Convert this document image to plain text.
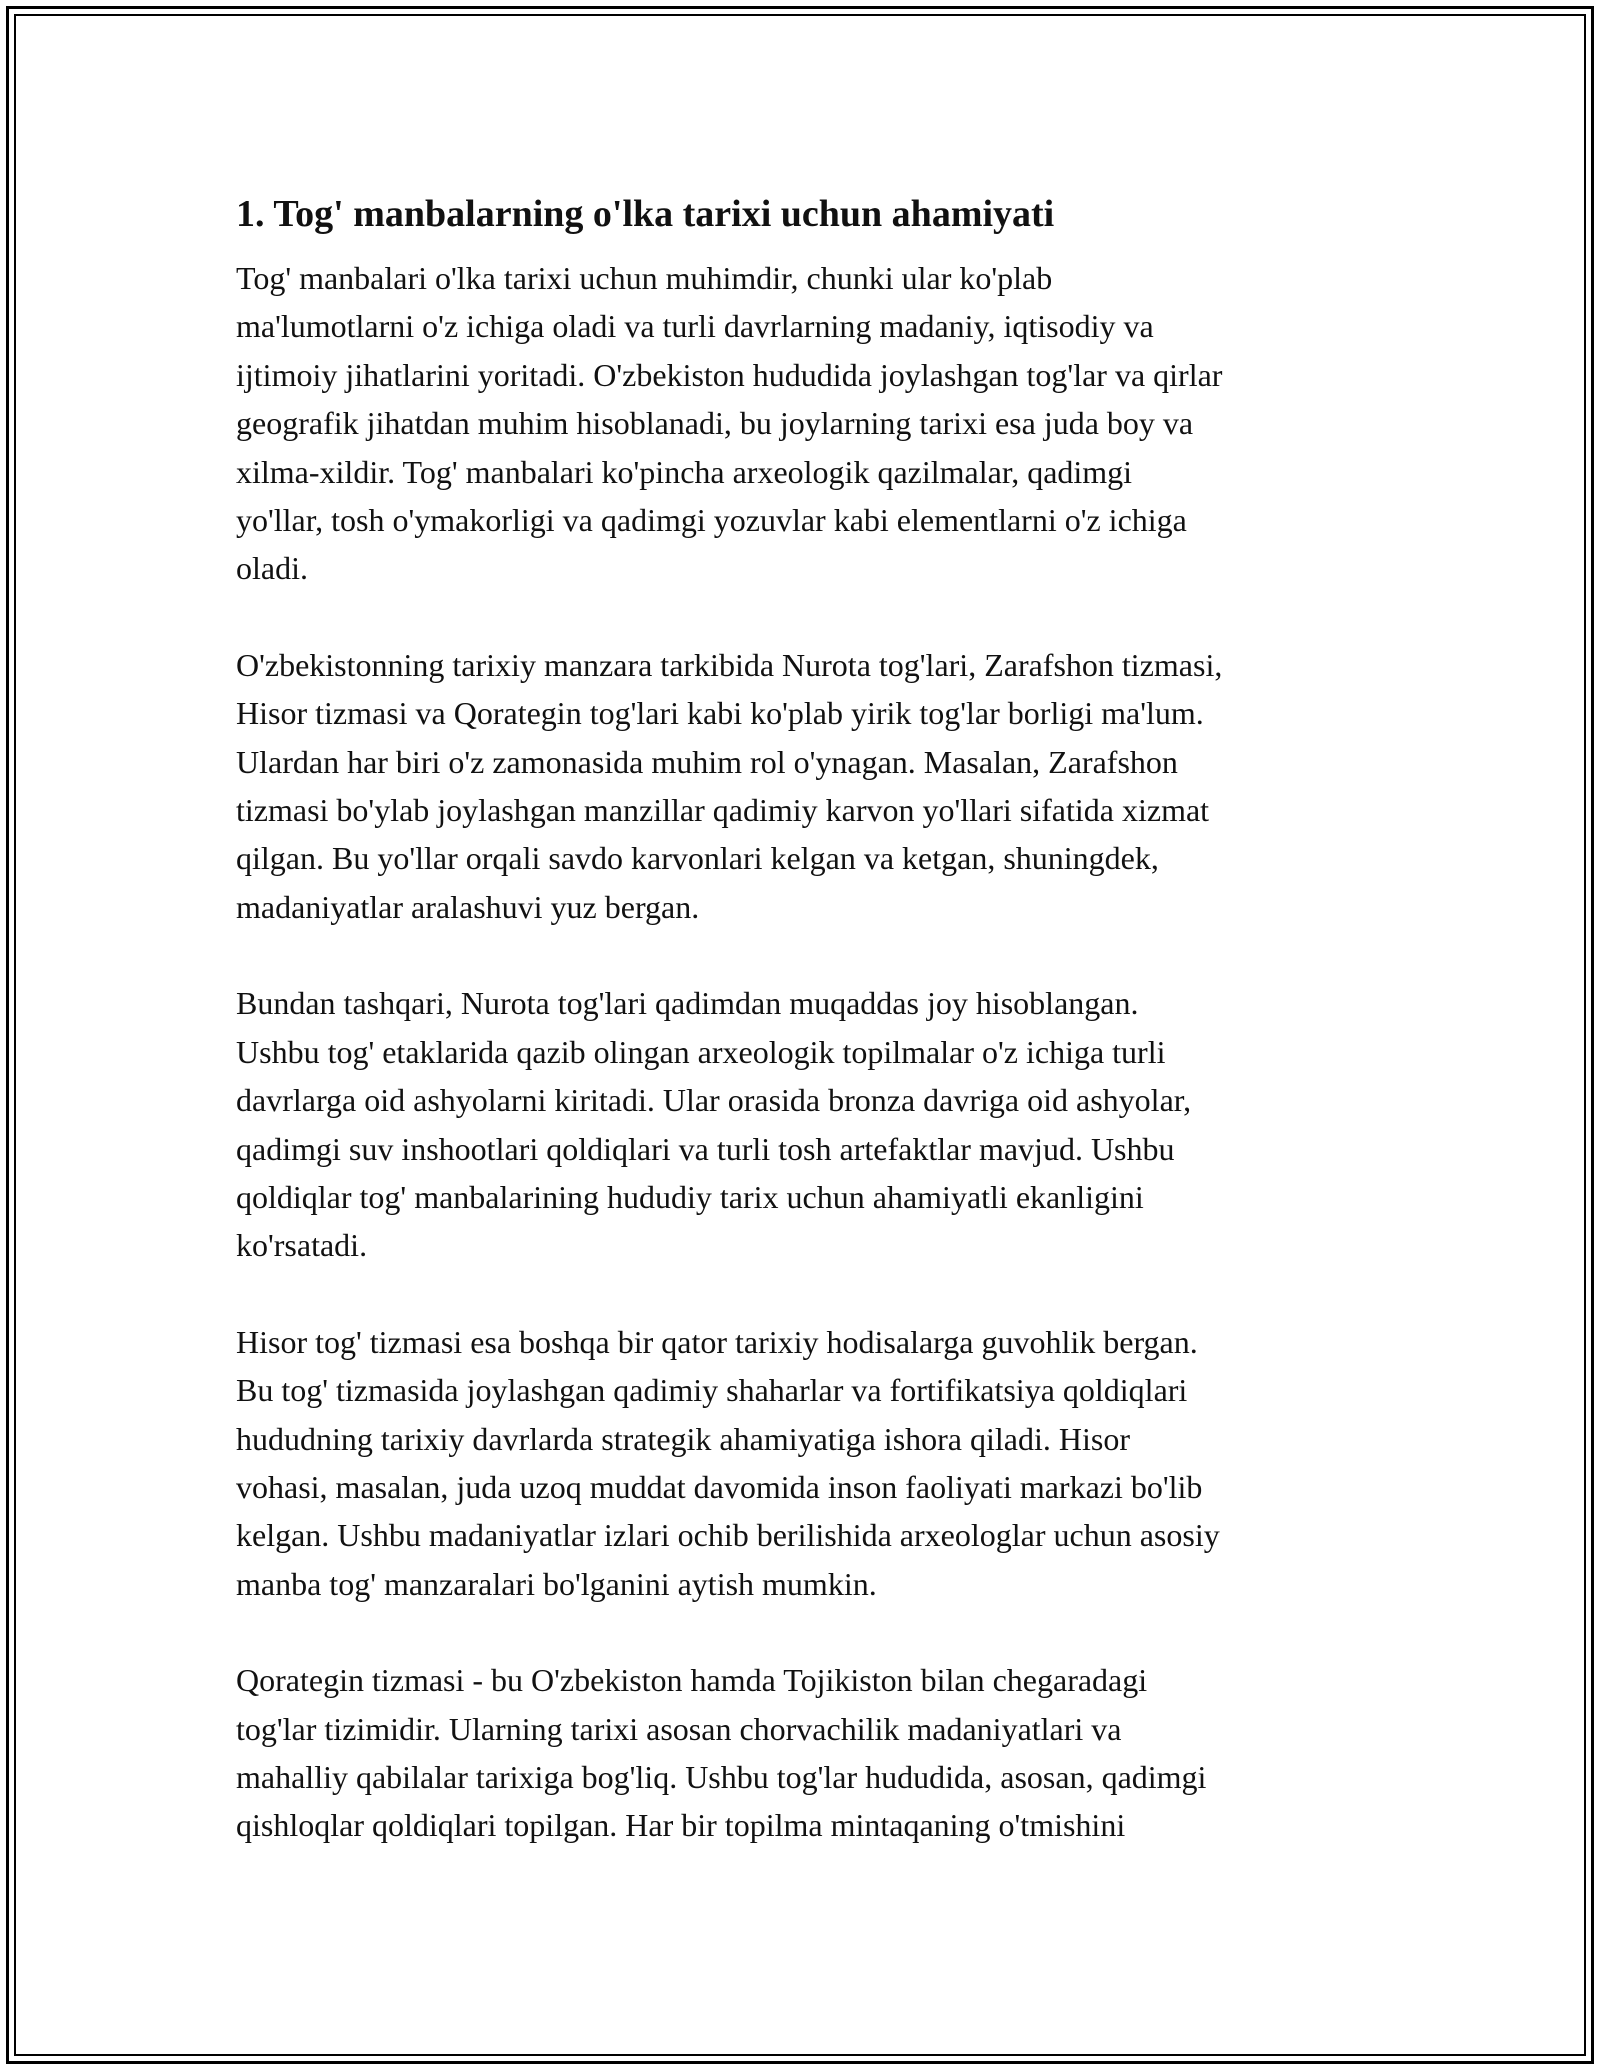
1. Tog' manbalarning o'lka tarixi uchun ahamiyati

Tog' manbalari o'lka tarixi uchun muhimdir, chunki ular ko'plab
ma'lumotlarni o'z ichiga oladi va turli davrlarning madaniy, iqtisodiy va
ijtimoiy jihatlarini yoritadi. O'zbekiston hududida joylashgan tog'lar va qirlar
geografik jihatdan muhim hisoblanadi, bu joylarning tarixi esa juda boy va
xilma-xildir. Tog' manbalari ko'pincha arxeologik qazilmalar, qadimgi
yo'llar, tosh o'ymakorligi va qadimgi yozuvlar kabi elementlarni o'z ichiga
oladi.

O'zbekistonning tarixiy manzara tarkibida Nurota tog'lari, Zarafshon tizmasi,
Hisor tizmasi va Qorategin tog'lari kabi ko'plab yirik tog'lar borligi ma'lum.
Ulardan har biri o'z zamonasida muhim rol o'ynagan. Masalan, Zarafshon
tizmasi bo'ylab joylashgan manzillar qadimiy karvon yo'llari sifatida xizmat
qilgan. Bu yo'llar orqali savdo karvonlari kelgan va ketgan, shuningdek,
madaniyatlar aralashuvi yuz bergan.

Bundan tashqari, Nurota tog'lari qadimdan muqaddas joy hisoblangan.
Ushbu tog' etaklarida qazib olingan arxeologik topilmalar o'z ichiga turli
davrlarga oid ashyolarni kiritadi. Ular orasida bronza davriga oid ashyolar,
qadimgi suv inshootlari qoldiqlari va turli tosh artefaktlar mavjud. Ushbu
qoldiqlar tog' manbalarining hududiy tarix uchun ahamiyatli ekanligini
ko'rsatadi.

Hisor tog' tizmasi esa boshqa bir qator tarixiy hodisalarga guvohlik bergan.
Bu tog' tizmasida joylashgan qadimiy shaharlar va fortifikatsiya qoldiqlari
hududning tarixiy davrlarda strategik ahamiyatiga ishora qiladi. Hisor
vohasi, masalan, juda uzoq muddat davomida inson faoliyati markazi bo'lib
kelgan. Ushbu madaniyatlar izlari ochib berilishida arxeologlar uchun asosiy
manba tog' manzaralari bo'lganini aytish mumkin.

Qorategin tizmasi - bu O'zbekiston hamda Tojikiston bilan chegaradagi
tog'lar tizimidir. Ularning tarixi asosan chorvachilik madaniyatlari va
mahalliy qabilalar tarixiga bog'liq. Ushbu tog'lar hududida, asosan, qadimgi
qishloqlar qoldiqlari topilgan. Har bir topilma mintaqaning o'tmishini
